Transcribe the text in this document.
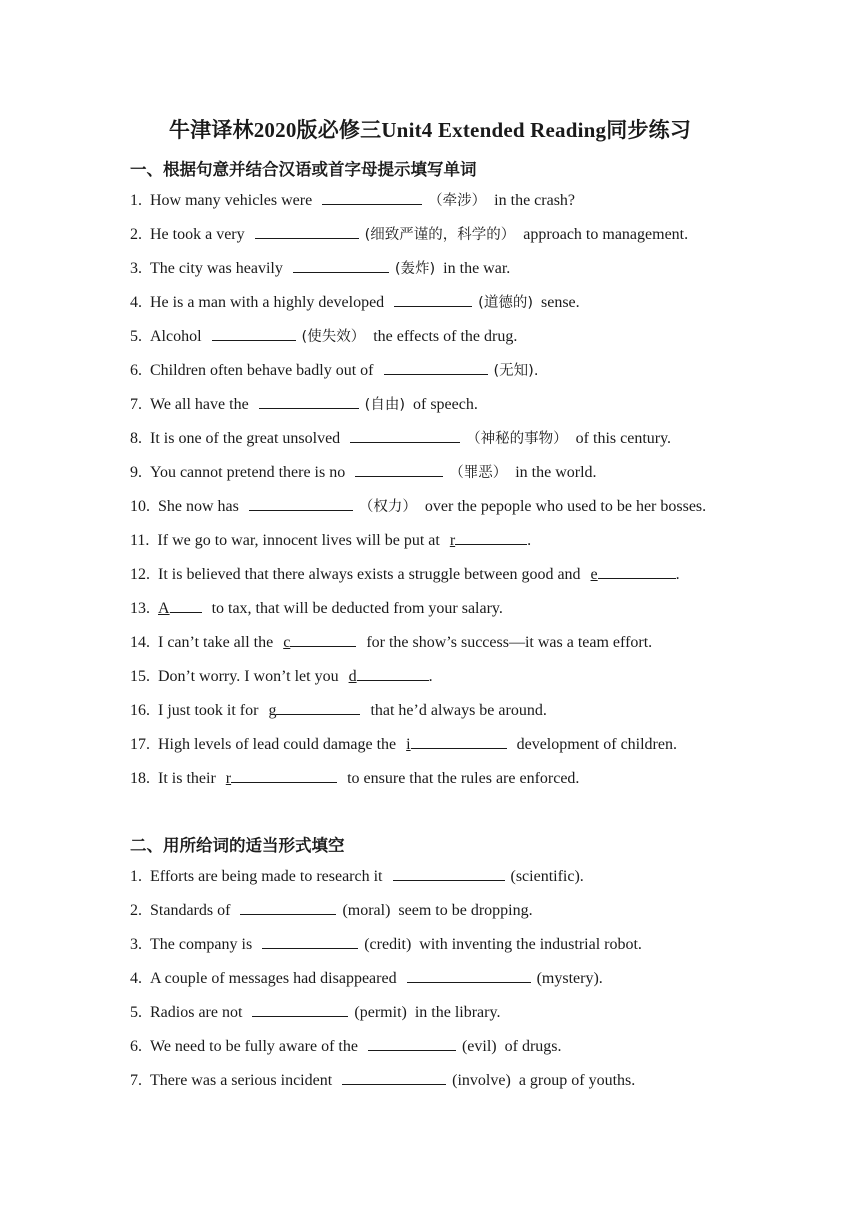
牛津译林2020版必修三Unit4 Extended Reading同步练习
一、根据句意并结合汉语或首字母提示填写单词
1. How many vehicles were	（牵涉） in the crash?
2. He took a very	(细致严谨的，科学的） approach to management.
3. The city was heavily	(轰炸) in the war.
4. He is a man with a highly developed	(道德的) sense.
5. Alcohol	(使失效） the effects of the drug.
6. Children often behave badly out of	(无知).
7. We all have the	(自由) of speech.
8. It is one of the great unsolved	（神秘的事物） of this century.
9. You cannot pretend there is no	（罪恶） in the world.
10. She now has	（权力） over the pepople who used to be her bosses.
11. If we go to war, innocent lives will be put at r	.
12. It is believed that there always exists a struggle between good and e	.
13. A	to tax, that will be deducted from your salary.
14. I can’t take all the c	for the show’s success—it was a team effort.
15. Don’t worry. I won’t let you d	.
16. I just took it for g	that he’d always be around.
17. High levels of lead could damage the i	development of children.
18. It is their r	to ensure that the rules are enforced.
二、用所给词的适当形式填空
1. Efforts are being made to research it	(scientific).
2. Standards of	(moral) seem to be dropping.
3. The company is	(credit) with inventing the industrial robot.
4. A couple of messages had disappeared	(mystery).
5. Radios are not	(permit) in the library.
6. We need to be fully aware of the	(evil) of drugs.
7. There was a serious incident	(involve) a group of youths.
